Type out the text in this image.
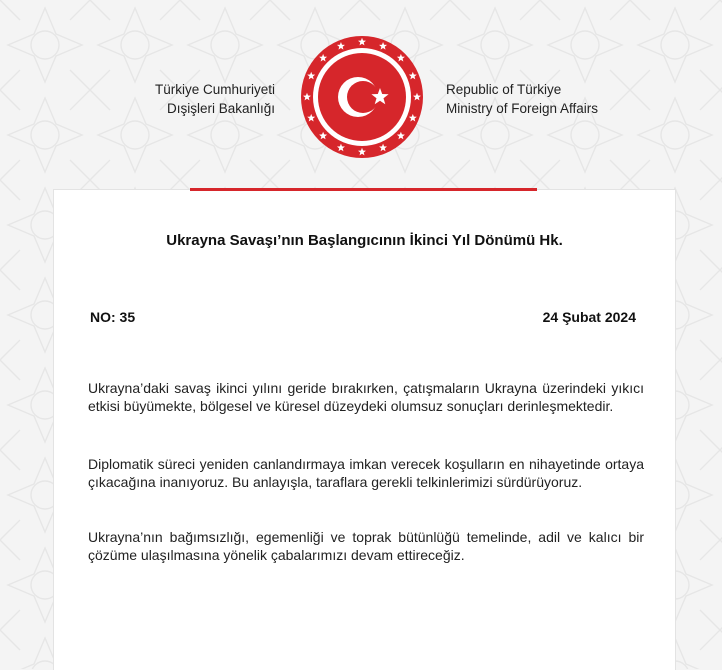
Türkiye Cumhuriyeti
Dışişleri Bakanlığı
Republic of Türkiye
Ministry of Foreign Affairs
Ukrayna Savaşı’nın Başlangıcının İkinci Yıl Dönümü Hk.
NO: 35	24 Şubat 2024
Ukrayna’daki savaş ikinci yılını geride bırakırken, çatışmaların Ukrayna üzerindeki yıkıcı etkisi büyümekte, bölgesel ve küresel düzeydeki olumsuz sonuçları derinleşmektedir.
Diplomatik süreci yeniden canlandırmaya imkan verecek koşulların en nihayetinde ortaya çıkacağına inanıyoruz. Bu anlayışla, taraflara gerekli telkinlerimizi sürdürüyoruz.
Ukrayna’nın bağımsızlığı, egemenliği ve toprak bütünlüğü temelinde, adil ve kalıcı bir çözüme ulaşılmasına yönelik çabalarımızı devam ettireceğiz.
